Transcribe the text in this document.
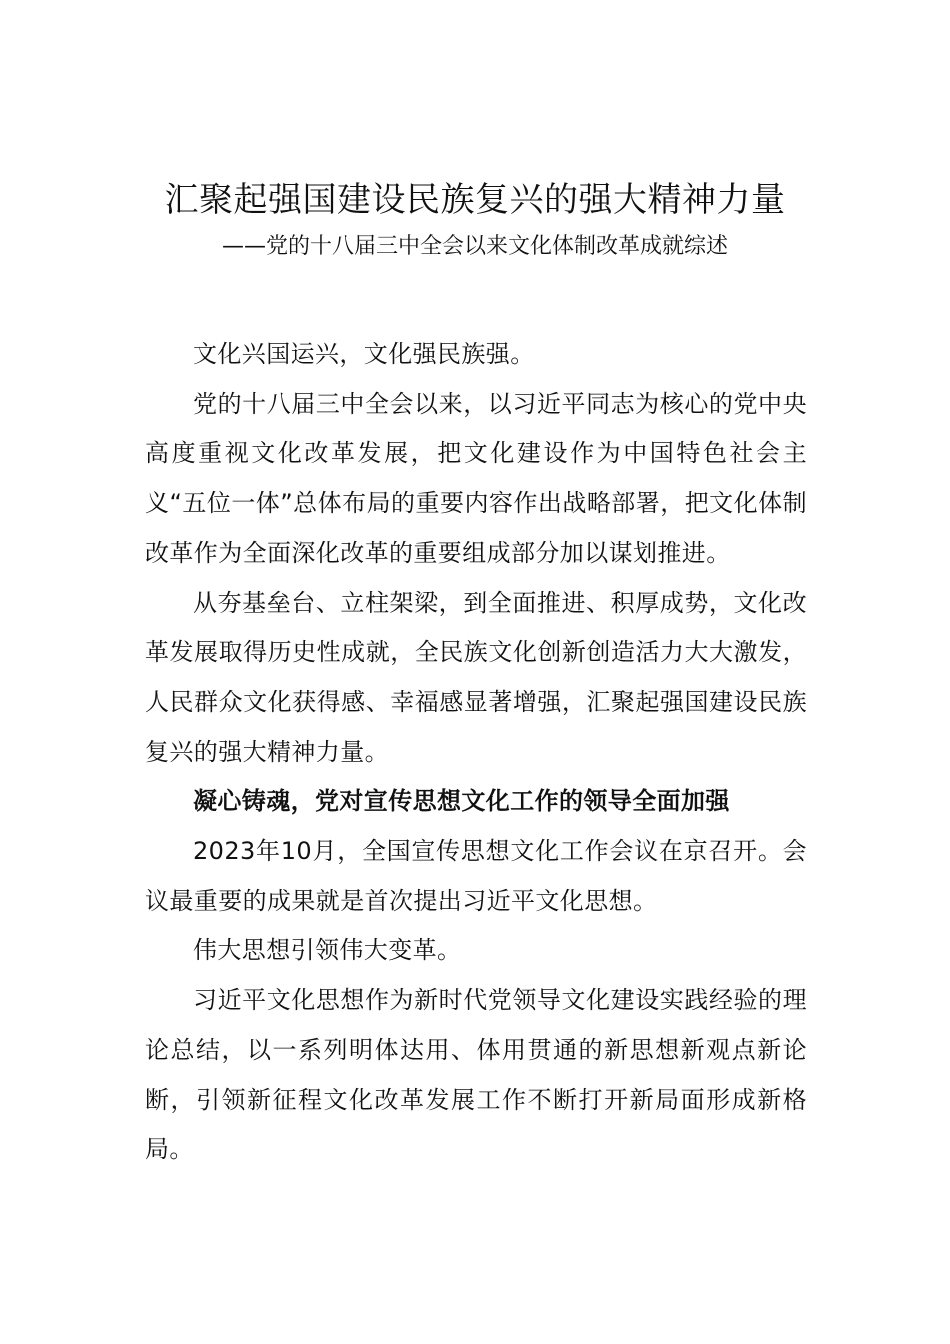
汇聚起强国建设民族复兴的强大精神力量
——党的十八届三中全会以来文化体制改革成就综述

文化兴国运兴，文化强民族强。

党的十八届三中全会以来，以习近平同志为核心的党中央高度重视文化改革发展，把文化建设作为中国特色社会主义“五位一体”总体布局的重要内容作出战略部署，把文化体制改革作为全面深化改革的重要组成部分加以谋划推进。

从夯基垒台、立柱架梁，到全面推进、积厚成势，文化改革发展取得历史性成就，全民族文化创新创造活力大大激发，人民群众文化获得感、幸福感显著增强，汇聚起强国建设民族复兴的强大精神力量。

凝心铸魂，党对宣传思想文化工作的领导全面加强

2023年10月，全国宣传思想文化工作会议在京召开。会议最重要的成果就是首次提出习近平文化思想。

伟大思想引领伟大变革。

习近平文化思想作为新时代党领导文化建设实践经验的理论总结，以一系列明体达用、体用贯通的新思想新观点新论断，引领新征程文化改革发展工作不断打开新局面形成新格局。
